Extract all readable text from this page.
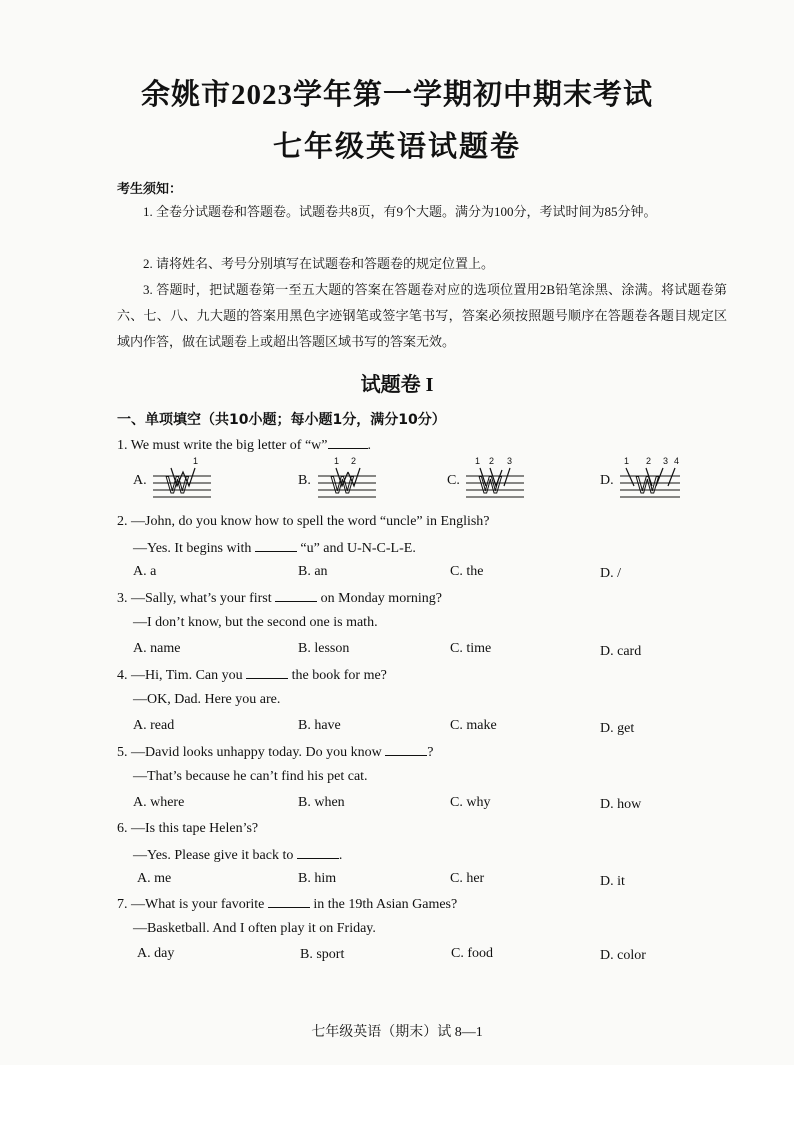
余姚市2023学年第一学期初中期末考试
七年级英语试题卷
考生须知：
1. 全卷分试题卷和答题卷。试题卷共8页，有9个大题。满分为100分，考试时间为85分钟。
2. 请将姓名、考号分别填写在试题卷和答题卷的规定位置上。
3. 答题时，把试题卷第一至五大题的答案在答题卷对应的选项位置用2B铅笔涂黑、涂满。将试题卷第六、七、八、九大题的答案用黑色字迹钢笔或签字笔书写，答案必须按照题号顺序在答题卷各题目规定区域内作答，做在试题卷上或超出答题区域书写的答案无效。
试题卷 I
一、单项填空（共10小题；每小题1分，满分10分）
1. We must write the big letter of “w”	.
A. W
1
B. W
1 2
C. W
1 2 3
D. W
1 2 3 4
2. —John, do you know how to spell the word “uncle” in English?
—Yes. It begins with	“u” and U-N-C-L-E.
A. a	B. an	C. the	D. /
3. —Sally, what’s your first	on Monday morning?
—I don’t know, but the second one is math.
A. name	B. lesson	C. time	D. card
4. —Hi, Tim. Can you	the book for me?
—OK, Dad. Here you are.
A. read	B. have	C. make	D. get
5. —David looks unhappy today. Do you know	?
—That’s because he can’t find his pet cat.
A. where	B. when	C. why	D. how
6. —Is this tape Helen’s?
—Yes. Please give it back to	.
A. me	B. him	C. her	D. it
7. —What is your favorite	in the 19th Asian Games?
—Basketball. And I often play it on Friday.
A. day	B. sport	C. food	D. color
七年级英语（期末）试 8—1
